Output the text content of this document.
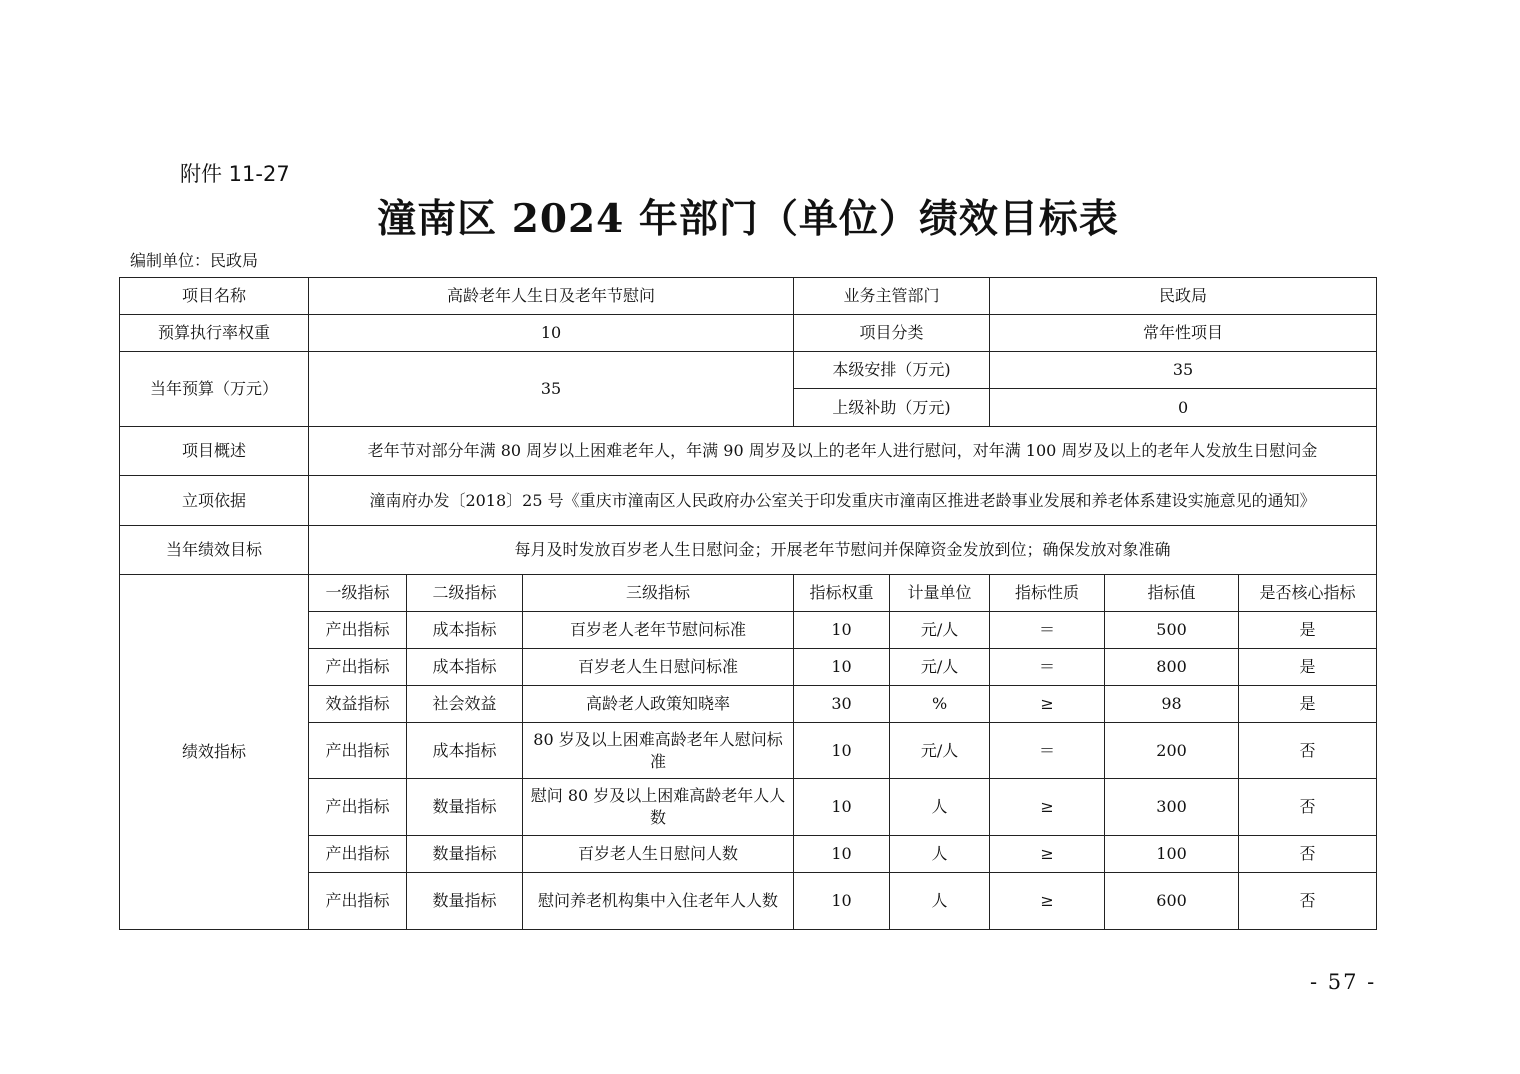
附件 11-27
潼南区 2024 年部门（单位）绩效目标表
编制单位：民政局
项目名称	高龄老年人生日及老年节慰问			业务主管部门		民政局		
预算执行率权重	10			项目分类		常年性项目		
当年预算（万元）	35			本级安排（万元)		35		
				上级补助（万元)		0		
项目概述	老年节对部分年满 80 周岁以上困难老年人，年满 90 周岁及以上的老年人进行慰问，对年满 100 周岁及以上的老年人发放生日慰问金							
立项依据	潼南府办发〔2018〕25 号《重庆市潼南区人民政府办公室关于印发重庆市潼南区推进老龄事业发展和养老体系建设实施意见的通知》							
当年绩效目标	每月及时发放百岁老人生日慰问金；开展老年节慰问并保障资金发放到位；确保发放对象准确							
绩效指标	一级指标	二级指标	三级指标	指标权重	计量单位	指标性质	指标值	是否核心指标
	产出指标	成本指标	百岁老人老年节慰问标准	10	元/人	＝	500	是
	产出指标	成本指标	百岁老人生日慰问标准	10	元/人	＝	800	是
	效益指标	社会效益	高龄老人政策知晓率	30	%	≥	98	是
	产出指标	成本指标	80 岁及以上困难高龄老年人慰问标准	10	元/人	＝	200	否
	产出指标	数量指标	慰问 80 岁及以上困难高龄老年人人数	10	人	≥	300	否
	产出指标	数量指标	百岁老人生日慰问人数	10	人	≥	100	否
	产出指标	数量指标	慰问养老机构集中入住老年人人数	10	人	≥	600	否
- 57 -
